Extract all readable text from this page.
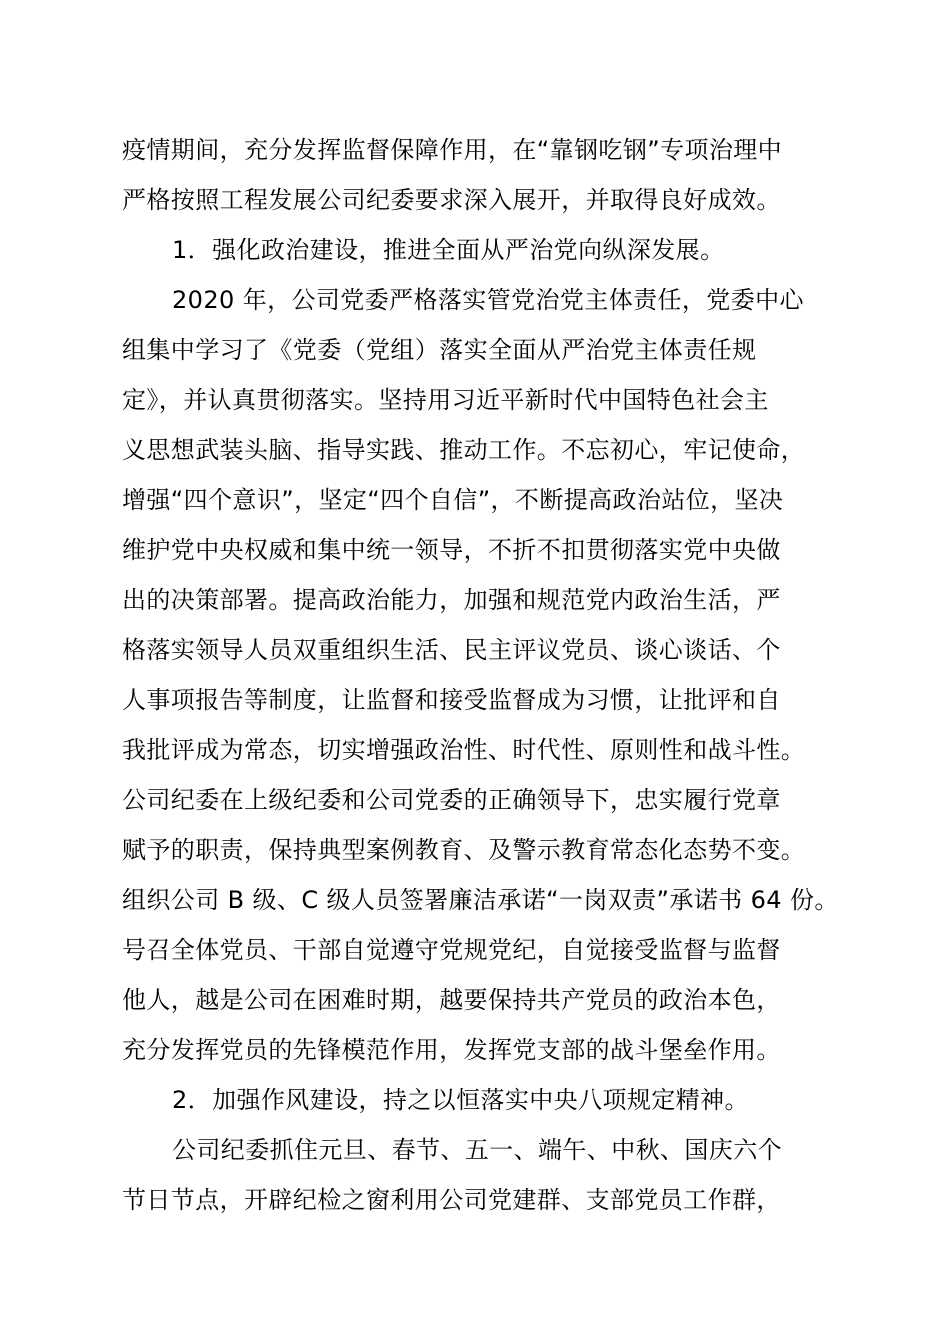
疫情期间，充分发挥监督保障作用，在“靠钢吃钢”专项治理中
严格按照工程发展公司纪委要求深入展开，并取得良好成效。
1．强化政治建设，推进全面从严治党向纵深发展。
2020 年，公司党委严格落实管党治党主体责任，党委中心
组集中学习了《党委（党组）落实全面从严治党主体责任规
定》，并认真贯彻落实。坚持用习近平新时代中国特色社会主
义思想武装头脑、指导实践、推动工作。不忘初心，牢记使命，
增强“四个意识”，坚定“四个自信”，不断提高政治站位，坚决
维护党中央权威和集中统一领导，不折不扣贯彻落实党中央做
出的决策部署。提高政治能力，加强和规范党内政治生活，严
格落实领导人员双重组织生活、民主评议党员、谈心谈话、个
人事项报告等制度，让监督和接受监督成为习惯，让批评和自
我批评成为常态，切实增强政治性、时代性、原则性和战斗性。
公司纪委在上级纪委和公司党委的正确领导下，忠实履行党章
赋予的职责，保持典型案例教育、及警示教育常态化态势不变。
组织公司 B 级、C 级人员签署廉洁承诺“一岗双责”承诺书 64 份。
号召全体党员、干部自觉遵守党规党纪，自觉接受监督与监督
他人，越是公司在困难时期，越要保持共产党员的政治本色，
充分发挥党员的先锋模范作用，发挥党支部的战斗堡垒作用。
2．加强作风建设，持之以恒落实中央八项规定精神。
公司纪委抓住元旦、春节、五一、端午、中秋、国庆六个
节日节点，开辟纪检之窗利用公司党建群、支部党员工作群，
